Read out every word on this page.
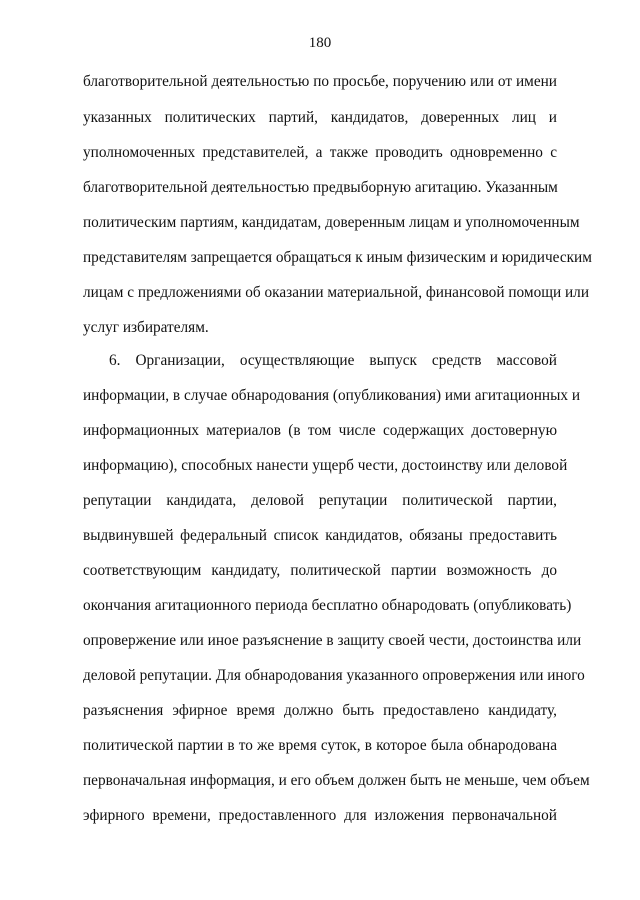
180
благотворительной деятельностью по просьбе, поручению или от имени
указанных политических партий, кандидатов, доверенных лиц и
уполномоченных представителей, а также проводить одновременно с
благотворительной деятельностью предвыборную агитацию. Указанным
политическим партиям, кандидатам, доверенным лицам и уполномоченным
представителям запрещается обращаться к иным физическим и юридическим
лицам с предложениями об оказании материальной, финансовой помощи или
услуг избирателям.
6. Организации, осуществляющие выпуск средств массовой
информации, в случае обнародования (опубликования) ими агитационных и
информационных материалов (в том числе содержащих достоверную
информацию), способных нанести ущерб чести, достоинству или деловой
репутации кандидата, деловой репутации политической партии,
выдвинувшей федеральный список кандидатов, обязаны предоставить
соответствующим кандидату, политической партии возможность до
окончания агитационного периода бесплатно обнародовать (опубликовать)
опровержение или иное разъяснение в защиту своей чести, достоинства или
деловой репутации. Для обнародования указанного опровержения или иного
разъяснения эфирное время должно быть предоставлено кандидату,
политической партии в то же время суток, в которое была обнародована
первоначальная информация, и его объем должен быть не меньше, чем объем
эфирного времени, предоставленного для изложения первоначальной
